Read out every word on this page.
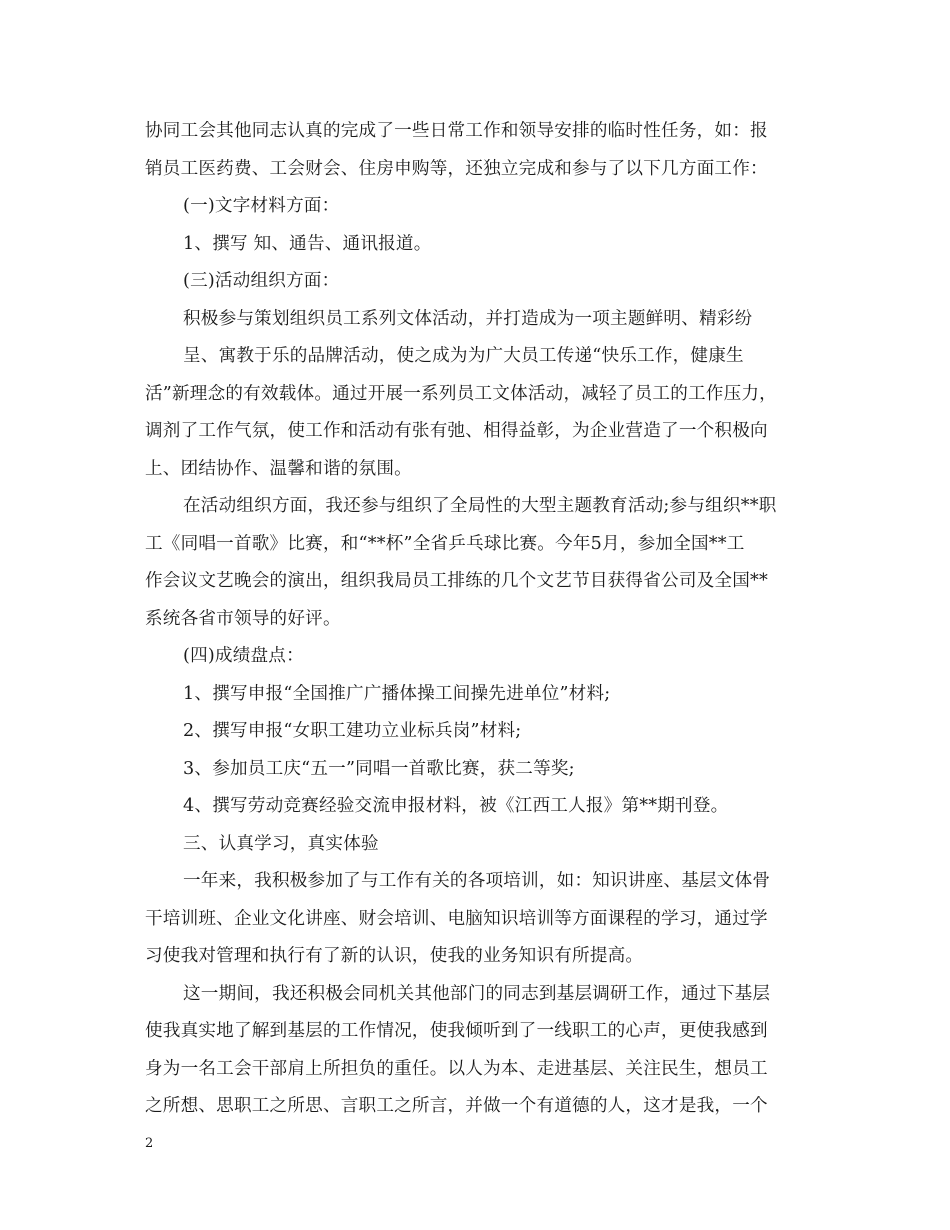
协同工会其他同志认真的完成了一些日常工作和领导安排的临时性任务，如：报
销员工医药费、工会财会、住房申购等，还独立完成和参与了以下几方面工作：
(一)文字材料方面：
1、撰写 知、通告、通讯报道。
(三)活动组织方面：
积极参与策划组织员工系列文体活动，并打造成为一项主题鲜明、精彩纷
呈、寓教于乐的品牌活动，使之成为为广大员工传递“快乐工作，健康生
活”新理念的有效载体。通过开展一系列员工文体活动，减轻了员工的工作压力，
调剂了工作气氛，使工作和活动有张有弛、相得益彰，为企业营造了一个积极向
上、团结协作、温馨和谐的氛围。
在活动组织方面，我还参与组织了全局性的大型主题教育活动;参与组织**职
工《同唱一首歌》比赛，和“**杯”全省乒乓球比赛。今年5月，参加全国**工
作会议文艺晚会的演出，组织我局员工排练的几个文艺节目获得省公司及全国**
系统各省市领导的好评。
(四)成绩盘点：
1、撰写申报“全国推广广播体操工间操先进单位”材料;
2、撰写申报“女职工建功立业标兵岗”材料;
3、参加员工庆“五一”同唱一首歌比赛，获二等奖;
4、撰写劳动竞赛经验交流申报材料，被《江西工人报》第**期刊登。
三、认真学习，真实体验
一年来，我积极参加了与工作有关的各项培训，如：知识讲座、基层文体骨
干培训班、企业文化讲座、财会培训、电脑知识培训等方面课程的学习，通过学
习使我对管理和执行有了新的认识，使我的业务知识有所提高。
这一期间，我还积极会同机关其他部门的同志到基层调研工作，通过下基层
使我真实地了解到基层的工作情况，使我倾听到了一线职工的心声，更使我感到
身为一名工会干部肩上所担负的重任。以人为本、走进基层、关注民生，想员工
之所想、思职工之所思、言职工之所言，并做一个有道德的人，这才是我，一个
2
